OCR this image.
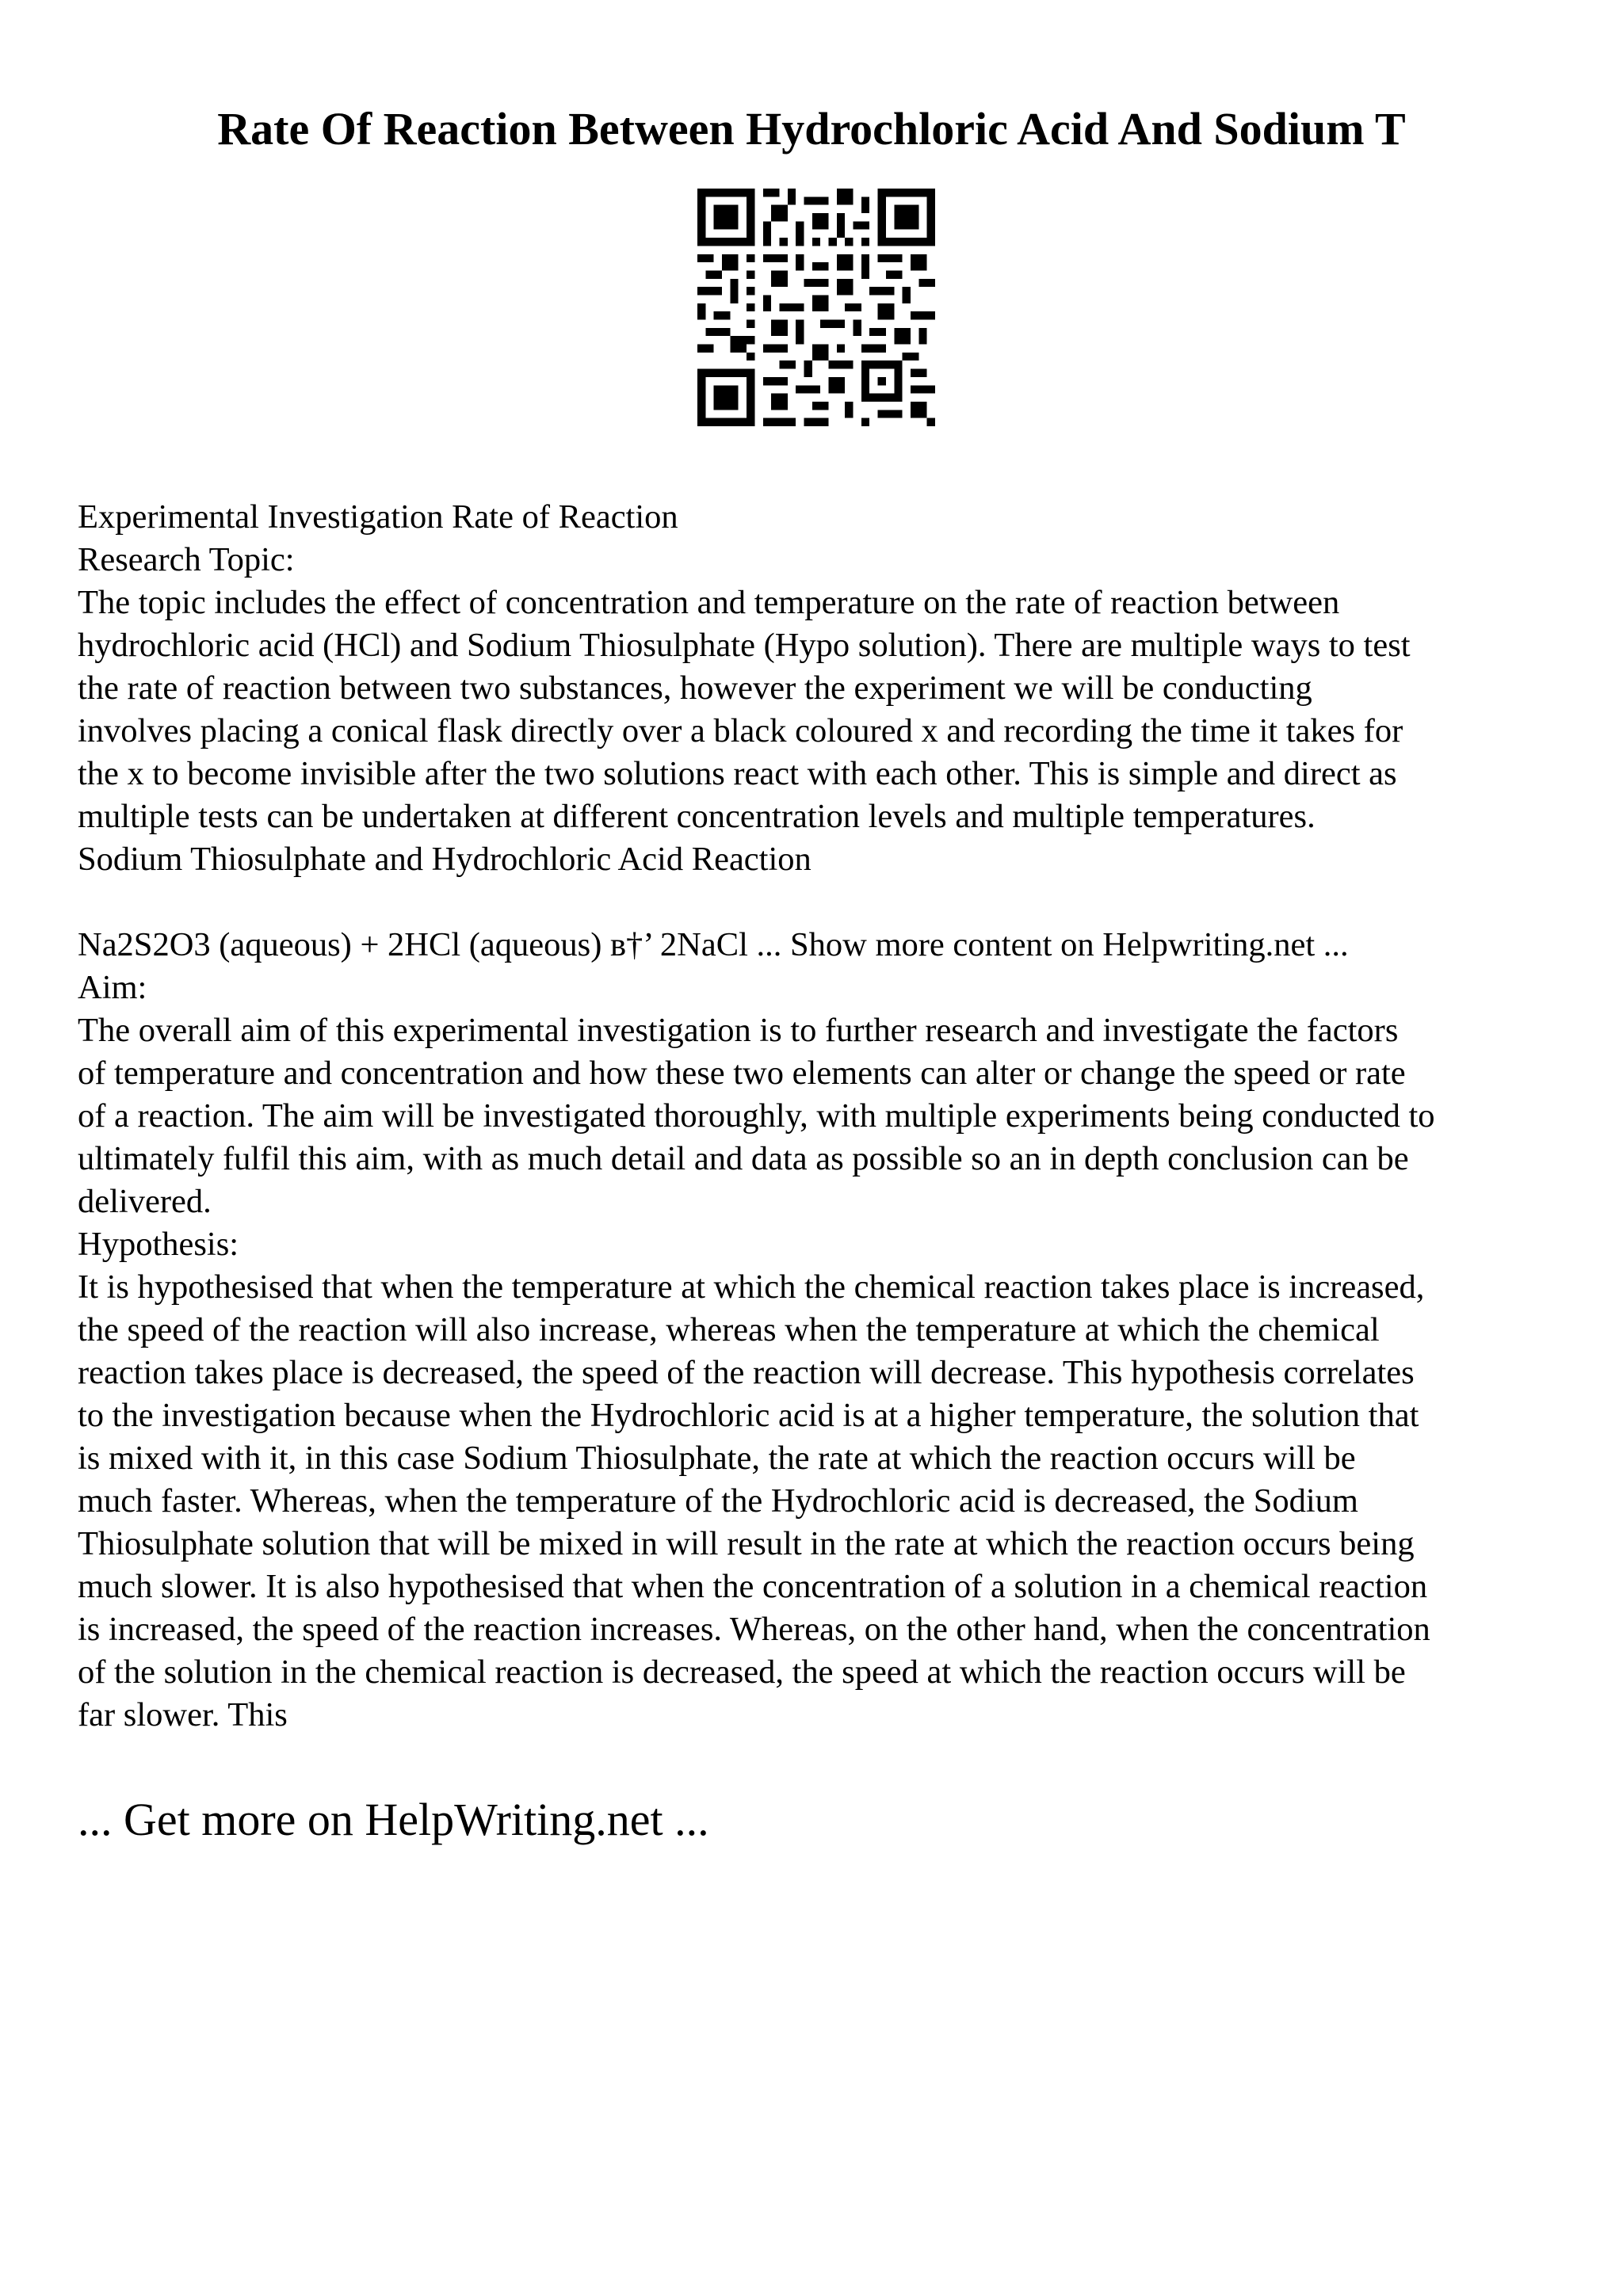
Rate Of Reaction Between Hydrochloric Acid And Sodium T
Experimental Investigation Rate of Reaction
Research Topic:
The topic includes the effect of concentration and temperature on the rate of reaction between
hydrochloric acid (HCl) and Sodium Thiosulphate (Hypo solution). There are multiple ways to test
the rate of reaction between two substances, however the experiment we will be conducting
involves placing a conical flask directly over a black coloured x and recording the time it takes for
the x to become invisible after the two solutions react with each other. This is simple and direct as
multiple tests can be undertaken at different concentration levels and multiple temperatures.
Sodium Thiosulphate and Hydrochloric Acid Reaction
Na2S2O3 (aqueous) + 2HCl (aqueous) в†’ 2NaCl ... Show more content on Helpwriting.net ...
Aim:
The overall aim of this experimental investigation is to further research and investigate the factors
of temperature and concentration and how these two elements can alter or change the speed or rate
of a reaction. The aim will be investigated thoroughly, with multiple experiments being conducted to
ultimately fulfil this aim, with as much detail and data as possible so an in depth conclusion can be
delivered.
Hypothesis:
It is hypothesised that when the temperature at which the chemical reaction takes place is increased,
the speed of the reaction will also increase, whereas when the temperature at which the chemical
reaction takes place is decreased, the speed of the reaction will decrease. This hypothesis correlates
to the investigation because when the Hydrochloric acid is at a higher temperature, the solution that
is mixed with it, in this case Sodium Thiosulphate, the rate at which the reaction occurs will be
much faster. Whereas, when the temperature of the Hydrochloric acid is decreased, the Sodium
Thiosulphate solution that will be mixed in will result in the rate at which the reaction occurs being
much slower. It is also hypothesised that when the concentration of a solution in a chemical reaction
is increased, the speed of the reaction increases. Whereas, on the other hand, when the concentration
of the solution in the chemical reaction is decreased, the speed at which the reaction occurs will be
far slower. This
... Get more on HelpWriting.net ...
